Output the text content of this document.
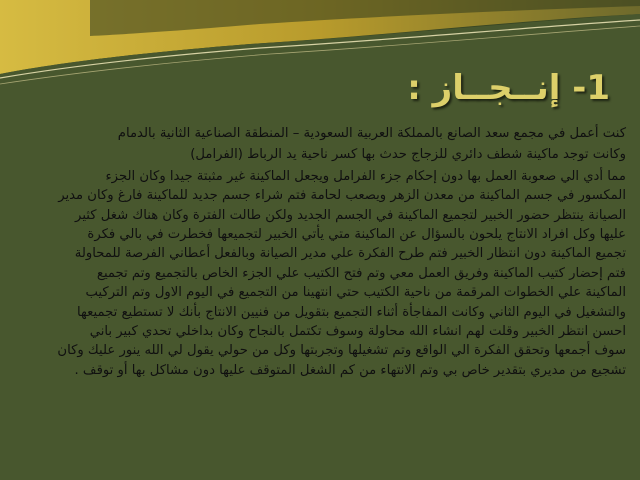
1- إنــجــاز :

كنت أعمل في مجمع سعد الصانع بالمملكة العربية السعودية – المنطقة الصناعية الثانية بالدمام

وكانت توجد ماكينة شطف دائري للزجاج حدث بها كسر ناحية يد الرباط (الفرامل)

مما أدي الي صعوبة العمل بها دون إحكام جزء الفرامل ويجعل الماكينة غير مثبتة جيدا وكان الجزء المكسور في جسم الماكينة من معدن الزهر ويصعب لحامة فتم شراء جسم جديد للماكينة فارغ وكان مدير الصيانة ينتظر حضور الخبير لتجميع الماكينة في الجسم الجديد ولكن طالت الفترة وكان هناك شغل كثير عليها وكل افراد الانتاج يلحون بالسؤال عن الماكينة متي يأتي الخبير لتجميعها فخطرت في بالي فكرة تجميع الماكينة دون انتظار الخبير فتم طرح الفكرة علي مدير الصيانة وبالفعل أعطاني الفرصة للمحاولة فتم إحضار كتيب الماكينة وفريق العمل معي وتم فتح الكتيب علي الجزء الخاص بالتجميع وتم تجميع الماكينة علي الخطوات المرقمة من ناحية الكتيب حتي انتهينا من التجميع في اليوم الاول وتم التركيب والتشغيل في اليوم الثاني وكانت المفاجأة أثناء التجميع بتقويل من فنيين الانتاج بأنك لا تستطيع تجميعها احسن انتظر الخبير وقلت لهم انشاء الله محاولة وسوف تكتمل بالنجاح وكان بداخلي تحدي كبير باني سوف أجمعها وتحقق الفكرة الي الواقع وتم تشغيلها وتجربتها وكل من حولي يقول لي الله ينور عليك وكان تشجيع من مديري بتقدير خاص بي وتم الانتهاء من كم الشغل المتوقف عليها دون مشاكل بها أو توقف .
